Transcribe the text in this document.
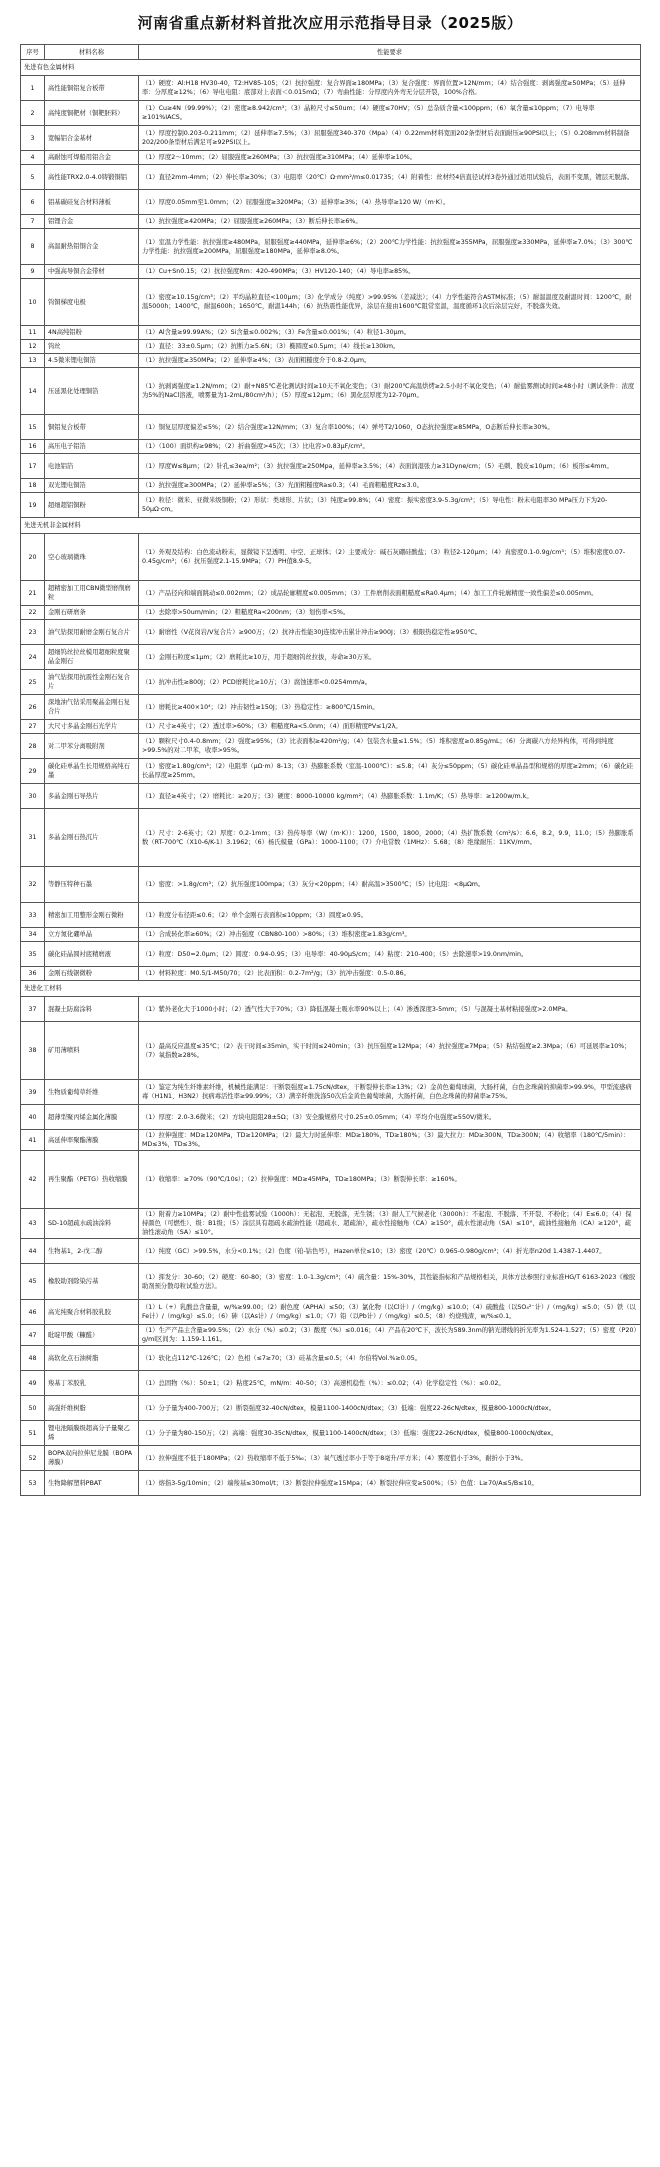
河南省重点新材料首批次应用示范指导目录（2025版）
序号	材料名称	性能要求
先进有色金属材料		
1	高性能铜铝复合板带	（1）硬度：Al:H18 HV30-40，T2:HV85-105；（2）抗拉强度：复合界面≥180MPa；（3）复合强度：界面位置>12N/mm；（4）结合强度：剥离强度≥50MPa；（5）延伸率：分厚度≥12%；（6）导电电阻：底部对上表面＜0.015mΩ；（7）弯曲性能：分厚度内外弯无分层开裂，100%合格。
2	高纯度铜靶材（铜靶胚料）	（1）Cu≥4N（99.99%）；（2）密度≥8.942/cm³；（3）晶粒尺寸≤50um；（4）硬度≤70HV；（5）总杂质含量<100ppm；（6）氧含量≤10ppm；（7）电导率≥101%IACS。
3	宽幅铝合金基材	（1）厚度控制0.203-0.211mm；（2）延伸率≥7.5%；（3）屈服强度340-370（Mpa）（4）0.22mm材料宽面202条型材后表面耐压≥90PSI以上；（5）0.208mm材料制备202/200条型材后满足可≥92PSI以上。
4	高耐蚀可焊船用铝合金	（1）厚度2～10mm；（2）屈服强度≥260MPa；（3）抗拉强度≥310MPa；（4）延伸率≥10%。
5	高性能TRX2.0-4.0铸锻铜铝	（1）直径2mm-4mm；（2）伸长率≥30%；（3）电阻率（20℃）Ω·mm²/m≤0.01735；（4）附着性：丝材经4倍直径试样3卷外通过适用试验后，表面不变黑，镀层无脱落。
6	铝基碳硅复合材料薄板	（1）厚度0.05mm至1.0mm；（2）屈服强度≥320MPa；（3）延伸率≥3%；（4）热导率≥120 W/（m·K）。
7	铝锂合金	（1）抗拉强度≥420MPa；（2）屈服强度≥260MPa；（3）断后伸长率≥6%。
8	高温耐热铝铜合金	（1）室温力学性能：抗拉强度≥480MPa，屈服强度≥440MPa，延伸率≥6%；（2）200℃力学性能：抗拉强度≥355MPa，屈服强度≥330MPa，延伸率≥7.0%；（3）300℃力学性能：抗拉强度≥200MPa，屈服强度≥180MPa，延伸率≥8.0%。
9	中强高导铜合金带材	（1）Cu+Sn0.15；（2）抗拉强度Rm：420-490MPa；（3）HV120-140；（4）导电率≥85%。
10	钨铜梯度电极	（1）密度≥10.15g/cm³；（2）平均晶粒直径<100μm；（3）化学成分（纯度）>99.95%（差减法）；（4）力学性能符合ASTM标准；（5）耐温温度及耐温时间：1200℃，耐温5000h；1400℃，耐温600h；1650℃，耐温144h；（6）抗热震性能优异，涂层在接由1600℃阻常室温，温度循环1次后涂层完好，不脱落失效。
11	4N高纯铝粉	（1）Al含量≥99.99A%；（2）Si含量≤0.002%；（3）Fe含量≤0.001%；（4）粒径1-30μm。
12	钨丝	（1）直径：33±0.5μm；（2）抗断力≥5.6N；（3）椭圆度≤0.5μm；（4）线长≥130km。
13	4.5微米锂电铜箔	（1）抗拉强度≥350MPa；（2）延伸率≥4%；（3）表面粗糙度介于0.8-2.0μm。
14	压延黑化处理铜箔	（1）抗剥离强度≥1.2N/mm；（2）耐+N85℃老化测试时间≥10天不氧化变色；（3）耐200℃高温烘烤≥2.5小时不氧化变色；（4）耐盐雾测试时间≥48小时（测试条件：浓度为5%的NaCl溶液，喷雾量为1-2mL/80cm²/h）；（5）厚度≤12μm；（6）黑化层厚度为12-70μm。
15	铜铝复合板带	（1）铜复层厚度偏差≤5%；（2）结合强度≥12N/mm；（3）复合率100%；（4）弹号T2/1060，O态抗拉强度≥85MPa，O态断后伸长率≥30%。
16	高压电子铝箔	（1）（100）面织构≥98%；（2）折曲强度>45次；（3）比电容>0.83μF/cm²。
17	电池铝箔	（1）厚度W≤8μm；（2）针孔≤3ea/m²；（3）抗拉强度≥250Mpa，延伸率≥3.5%；（4）表面润湿张力≥31Dyne/cm；（5）毛刺、脱皮≤10μm；（6）板形≤4mm。
18	双光锂电铜箔	（1）抗拉强度≥300MPa；（2）延伸率≥5%；（3）光面粗糙度Ra≤0.3；（4）毛面粗糙度Rz≤3.0。
19	超细超铝铜粉	（1）粒径：微米、亚微米级铜粉；（2）形状：类球形、片状；（3）纯度≥99.8%；（4）密度：振实密度3.9-5.3g/cm³；（5）导电性：粉末电阻率30 MPa压力下为20-50μΩ·cm。
先进无机非金属材料		
20	空心玻璃微珠	（1）外观及结构：白色流动粉末，显微镜下呈透明、中空、正球体；（2）主要成分：碱石灰硼硅酸盐；（3）粒径2-120μm；（4）真密度0.1-0.9g/cm³；（5）堆积密度0.07-0.45g/cm³；（6）抗压强度2.1-15.9MPa；（7）PH值8.9-5。
21	超精密加工用CBN微型磨削磨粒	（1）产品径向和端面跳动≤0.002mm；（2）成品轮廓精度≤0.005mm；（3）工件磨削表面粗糙度≤Ra0.4μm；（4）加工工件轮廓精度一致性偏差≤0.005mm。
22	金刚石研磨条	（1）去除率>50um/min；（2）粗糙度Ra<200nm；（3）划伤率<5%。
23	油气钻探用耐磨金刚石复合片	（1）耐磨性（V花岗岩/V复合片）≥900万；（2）抗冲击性能30J连续冲击累计冲击≥900J；（3）极限热稳定性≥950℃。
24	超细钨丝拉丝模用超细粒度聚晶金刚石	（1）金刚石粒度≤1μm；（2）磨耗比≥10万，用于超细钨丝拉拔，寿命≥30万米。
25	油气钻探用抗震性金刚石复合片	（1）抗冲击性≥800J；（2）PCD磨耗比≥10万；（3）腐蚀速率<0.0254mm/a。
26	深地油气钻采用聚晶金刚石复合片	（1）磨耗比≥400×10⁴；（2）冲击韧性≥150J；（3）热稳定性：≥800℃/15min。
27	大尺寸多晶金刚石光学片	（1）尺寸≥4英寸；（2）透过率>60%；（3）粗糙度Ra<5.0nm；（4）面形精度PV≤1/2λ。
28	对二甲苯分离吸附剂	（1）颗粒尺寸0.4-0.8mm；（2）强度≥95%；（3）比表面积≥420m²/g；（4）包装含水量≤1.5%；（5）堆积密度≥0.85g/mL；（6）分离碳八方烃异构体，可得到纯度>99.5%的对二甲苯，收率>95%。
29	碳化硅单晶生长用规格高纯石墨	（1）密度≥1.80g/cm³；（2）电阻率（μΩ·m）8-13；（3）热膨胀系数（室温-1000℃）：≤5.8；（4）灰分≤50ppm；（5）碳化硅单晶品型和规格的厚度≥2mm；（6）碳化硅长晶厚度≥25mm。
30	多晶金刚石导热片	（1）直径≥4英寸；（2）磨耗比：≥20万；（3）硬度：8000-10000 kg/mm²；（4）热膨胀系数：1.1m/K；（5）热导率：≥1200w/m.k。
31	多晶金刚石热沉片	（1）尺寸：2-6英寸；（2）厚度：0.2-1mm；（3）热传导率（W/（m·K））：1200，1500，1800，2000；（4）热扩散系数（cm²/s）：6.6，8.2，9.9，11.0；（5）热膨胀系数（RT-700℃（X10-6/K-1）3.1962；（6）杨氏模量（GPa）：1000-1100；（7）介电常数（1MHz）：5.68；（8）绝缘耐压：11KV/mm。
32	等静压特种石墨	（1）密度：>1.8g/cm³；（2）抗压强度100mpa；（3）灰分<20ppm；（4）耐高温>3500℃；（5）比电阻：<8μΩm。
33	精密加工用整形金刚石微粉	（1）粒度分布径距≤0.6；（2）单个金刚石表面积≤10ppm；（3）圆度≥0.95。
34	立方氮化硼单晶	（1）合成转化率≥60%；（2）冲击强度（CBN80-100）>80%；（3）堆积密度≥1.83g/cm³。
35	碳化硅晶圆衬底精磨液	（1）粒度：D50=2.0μm；（2）圆度：0.94-0.95；（3）电导率：40-90μS/cm；（4）粘度：210-400；（5）去除速率>19.0nm/min。
36	金刚石线锯微粉	（1）材料粒度：M0.5/1-M50/70；（2）比表面积：0.2-7m²/g；（3）抗冲击强度：0.5-0.86。
先进化工材料		
37	混凝土防腐涂料	（1）紫外老化大于1000小时；（2）透气性大于70%；（3）降低混凝土吸水率90%以上；（4）渗透深度3-5mm；（5）与混凝土基材粘接强度>2.0MPa。
38	矿用薄喷料	（1）最高反应温度≤35℃；（2）表干时间≤35min，实干时间≤240min；（3）抗压强度≥12Mpa；（4）抗拉强度≥7Mpa；（5）粘结强度≥2.3Mpa；（6）可延展率≥10%；（7）氧指数≥28%。
39	生物质葡萄草纤维	（1）鉴定为纯生纤维素纤维，机械性能满足：干断裂强度≥1.75cN/dtex，干断裂伸长率≥13%；（2）金黄色葡萄球菌，大肠杆菌，白色念珠菌的抑菌率>99.9%，甲型流感病毒（H1N1、H3N2）抗病毒活性率≥99.99%；（3）满辛纤维洗涤50次后金黄色葡萄球菌，大肠杆菌，白色念珠菌的抑菌率≥75%。
40	超薄型聚丙烯金属化薄膜	（1）厚度：2.0-3.6微米；（2）方块电阻阻28±5Ω；（3）安全膜规格尺寸0.25±0.05mm；（4）平均介电强度≥550V/微米。
41	高延伸率聚酯薄膜	（1）拉伸强度：MD≥120MPa，TD≥120MPa；（2）最大力时延伸率：MD≥180%，TD≥180%；（3）最大拉力：MD≥300N，TD≥300N；（4）收缩率（180℃/5min）：MD≤3%，TD≤3%。
42	再生聚酯（PETG）热收缩膜	（1）收缩率：≥70%（90℃/10s）；（2）拉伸强度：MD≥45MPa，TD≥180MPa；（3）断裂伸长率：≥160%。
43	SD-10超疏水疏油涂料	（1）附着力≥10MPa；（2）耐中性盐雾试验（1000h）：无起泡、无脱落，无生锈；（3）耐人工气候老化（3000h）：不起泡、不脱落、不开裂、不粉化；（4）E≤6.0；（4）保持颜色（可燃性）、级：B1级；（5）涂层具有超疏水疏油性能（超疏水、超疏油），疏水性接触角（CA）≥150°，疏水性滚动角（SA）≤10°，疏油性接触角（CA）≥120°，疏油性滚动角（SA）≤10°。
44	生物基1，2-戊二醇	（1）纯度（GC）>99.5%，水分<0.1%；（2）色度（铂-钴色号），Hazen单位≤10；（3）密度（20℃）0.965-0.980g/cm³；（4）折光率n20d 1.4387-1.4407。
45	橡胶助剂除染污基	（1）挥发分：30-60；（2）硬度：60-80；（3）密度：1.0-1.3g/cm³；（4）硫含量：15%-30%，其性能指标和产品规格相关，具体方法参照行业标准HG/T 6163-2023《橡胶助剂预分散母粒试验方法》。
46	高光纯聚合材料胶乳胶	（1）L（+）乳酸总含量量，w/%≥99.00；（2）耐色度（APHA）≤50；（3）氯化物（以Cl计）/（mg/kg）≤10.0；（4）硫酸盐（以SO₄²⁻计）/（mg/kg）≤5.0；（5）铁（以Fe计）/（mg/kg）≤5.0；（6）砷（以As计）/（mg/kg）≤1.0；（7）铅（以Pb计）/（mg/kg）≤0.5；（8）灼烧残渣，w/%≤0.1。
47	吡啶甲酸（糠醛）	（1）生产产品主含量≥99.5%；（2）水分（%）≤0.2；（3）酸度（%）≤0.016；（4）产品在20℃下，波长为589.3nm的钠光谱线的折光率为1.524-1.527；（5）密度（P20）g/ml区间为：1.159-1.161。
48	高软化点石油树脂	（1）软化点112℃-126℃；（2）色相（≤7≥70；（3）硅基含量≤0.5；（4）尔伯特Vol.%≥0.05。
49	羧基丁苯胶乳	（1）总固物（%）：50±1；（2）粘度25℃，mN/m：40-50；（3）高速机稳性（%）：≤0.02；（4）化学稳定性（%）：≤0.02。
50	高强纤维树脂	（1）分子量为400-700万；（2）断裂强度32-40cN/dtex，模量1100-1400cN/dtex；（3）低端：强度22-26cN/dtex，模量800-1000cN/dtex。
51	锂电池隔膜级超高分子量聚乙烯	（1）分子量为80-150万；（2）高端：强度30-35cN/dtex，模量1100-1400cN/dtex；（3）低端：强度22-26cN/dtex，模量800-1000cN/dtex。
52	BOPA双向拉伸尼龙膜（BOPA薄膜）	（1）拉伸强度不低于180MPa；（2）热收缩率不低于5‰；（3）氧气透过率小于等于8毫升/平方米；（4）雾度值小于3%，耐折小于3%。
53	生物降解塑料PBAT	（1）熔指3-5g/10min；（2）端羧基≤30mol/t；（3）断裂拉伸强度≥15Mpa；（4）断裂拉伸应变≥500%；（5）色值：L≥70/A≤5/B≤10。
